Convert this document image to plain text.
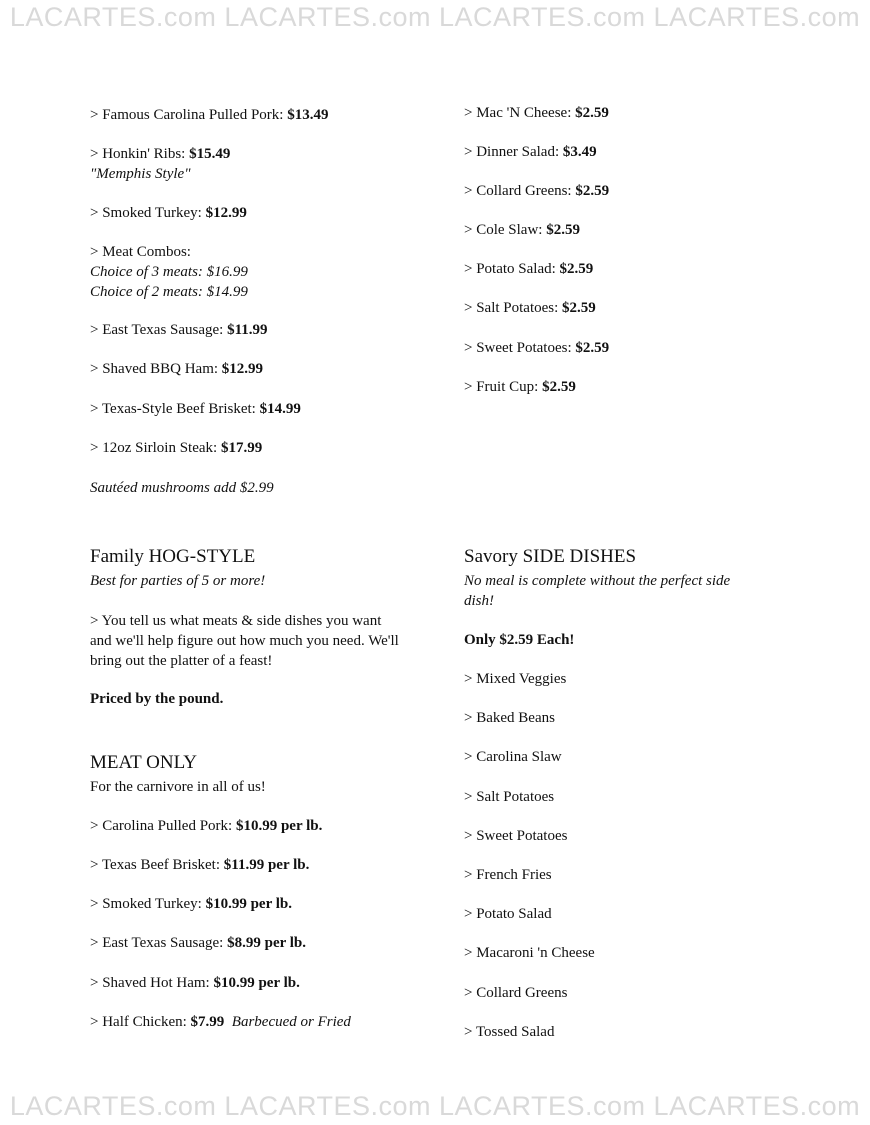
LACARTES.com LACARTES.com LACARTES.com LACARTES.com
> Famous Carolina Pulled Pork: $13.49
> Honkin' Ribs: $15.49
"Memphis Style"
> Smoked Turkey: $12.99
> Meat Combos:
Choice of 3 meats: $16.99
Choice of 2 meats: $14.99
> East Texas Sausage: $11.99
> Shaved BBQ Ham: $12.99
> Texas-Style Beef Brisket: $14.99
> 12oz Sirloin Steak: $17.99
Sautéed mushrooms add $2.99
> Mac 'N Cheese: $2.59
> Dinner Salad: $3.49
> Collard Greens: $2.59
> Cole Slaw: $2.59
> Potato Salad: $2.59
> Salt Potatoes: $2.59
> Sweet Potatoes: $2.59
> Fruit Cup: $2.59
Family HOG-STYLE
Best for parties of 5 or more!
> You tell us what meats & side dishes you want
and we'll help figure out how much you need. We'll
bring out the platter of a feast!
Priced by the pound.
MEAT ONLY
For the carnivore in all of us!
> Carolina Pulled Pork: $10.99 per lb.
> Texas Beef Brisket: $11.99 per lb.
> Smoked Turkey: $10.99 per lb.
> East Texas Sausage: $8.99 per lb.
> Shaved Hot Ham: $10.99 per lb.
> Half Chicken: $7.99 Barbecued or Fried
Savory SIDE DISHES
No meal is complete without the perfect side
dish!
Only $2.59 Each!
> Mixed Veggies
> Baked Beans
> Carolina Slaw
> Salt Potatoes
> Sweet Potatoes
> French Fries
> Potato Salad
> Macaroni 'n Cheese
> Collard Greens
> Tossed Salad
LACARTES.com LACARTES.com LACARTES.com LACARTES.com
